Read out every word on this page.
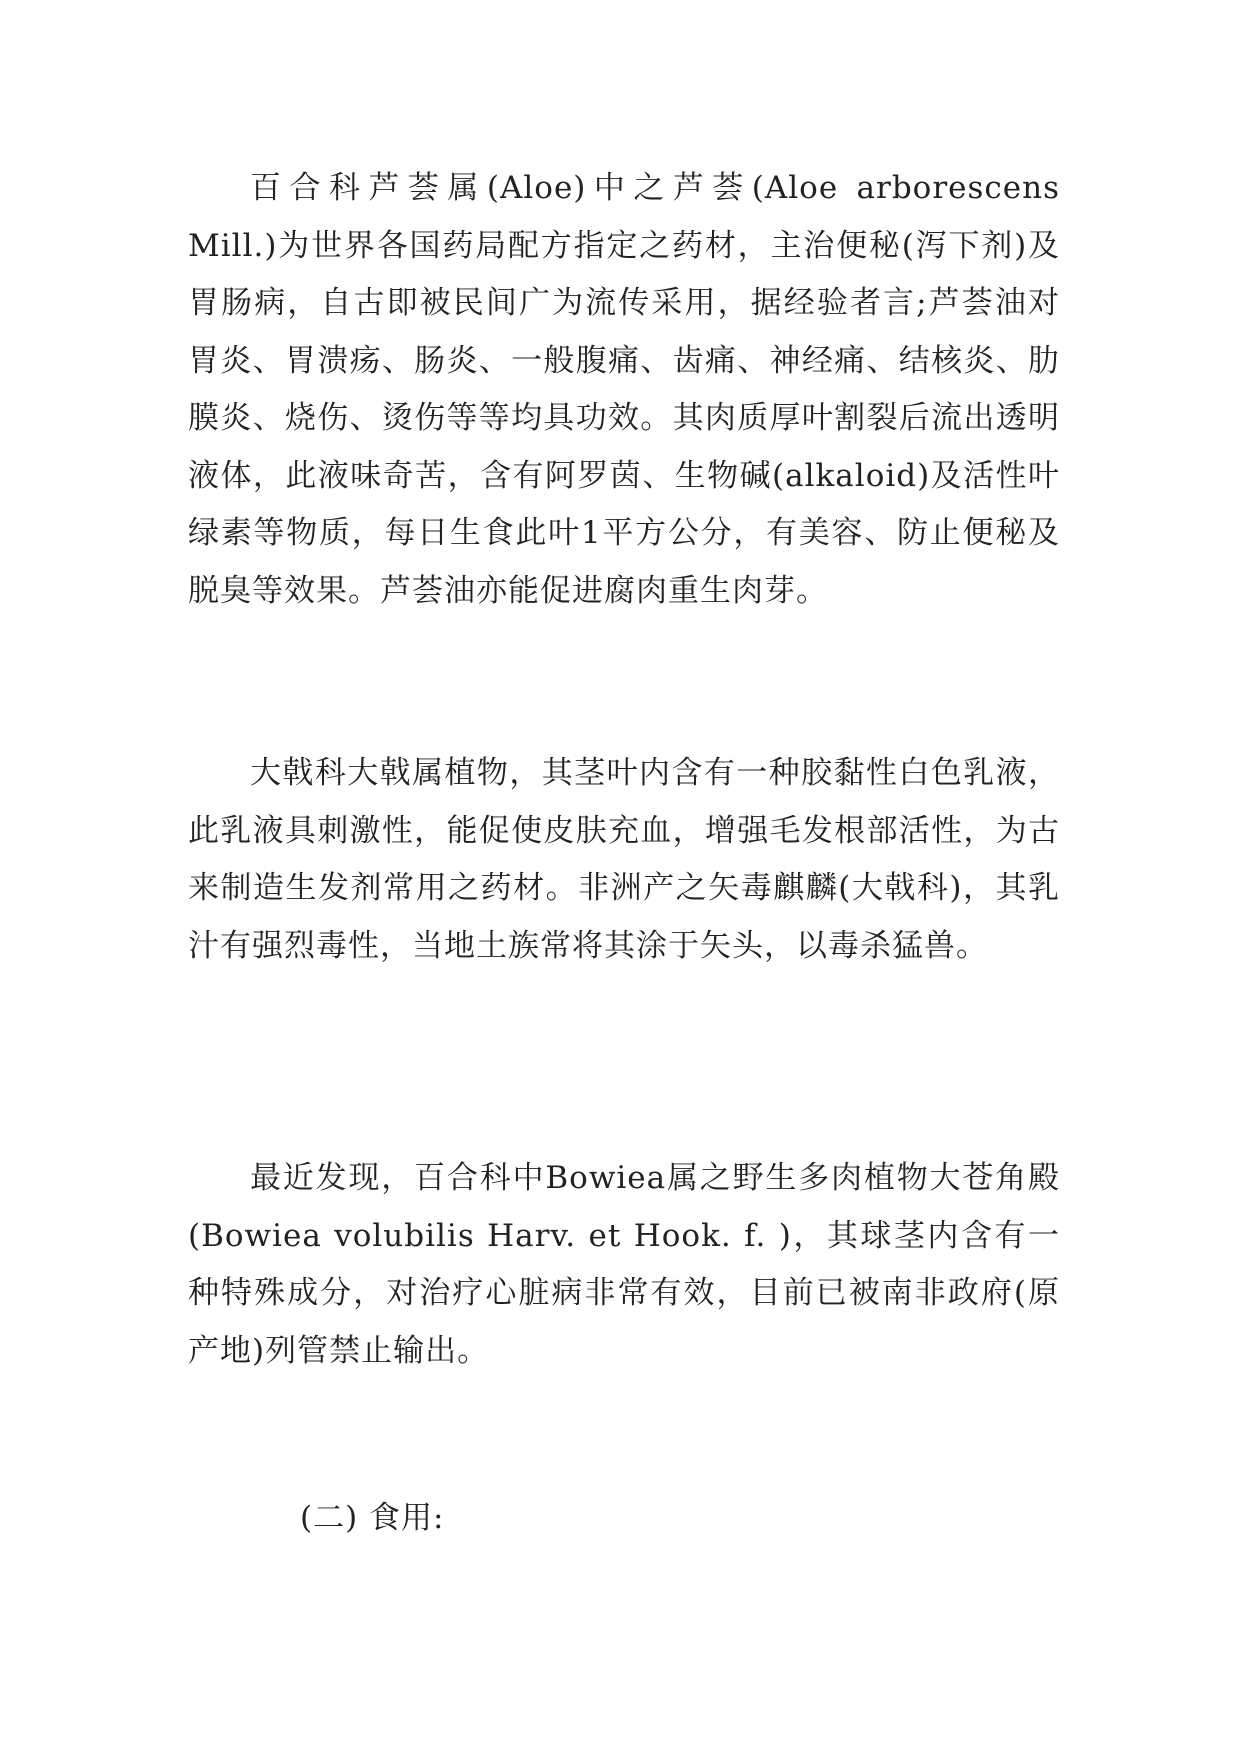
百合科芦荟属(Aloe)中之芦荟(Aloe arborescens Mill.)为世界各国药局配方指定之药材，主治便秘(泻下剂)及胃肠病，自古即被民间广为流传采用，据经验者言;芦荟油对胃炎、胃溃疡、肠炎、一般腹痛、齿痛、神经痛、结核炎、肋膜炎、烧伤、烫伤等等均具功效。其肉质厚叶割裂后流出透明液体，此液味奇苦，含有阿罗茵、生物碱(alkaloid)及活性叶绿素等物质，每日生食此叶1平方公分，有美容、防止便秘及脱臭等效果。芦荟油亦能促进腐肉重生肉芽。

大戟科大戟属植物，其茎叶内含有一种胶黏性白色乳液，此乳液具刺激性，能促使皮肤充血，增强毛发根部活性，为古来制造生发剂常用之药材。非洲产之矢毒麒麟(大戟科)，其乳汁有强烈毒性，当地土族常将其涂于矢头，以毒杀猛兽。

最近发现，百合科中Bowiea属之野生多肉植物大苍角殿(Bowiea volubilis Harv. et Hook. f. )，其球茎内含有一种特殊成分，对治疗心脏病非常有效，目前已被南非政府(原产地)列管禁止输出。

(二) 食用:
